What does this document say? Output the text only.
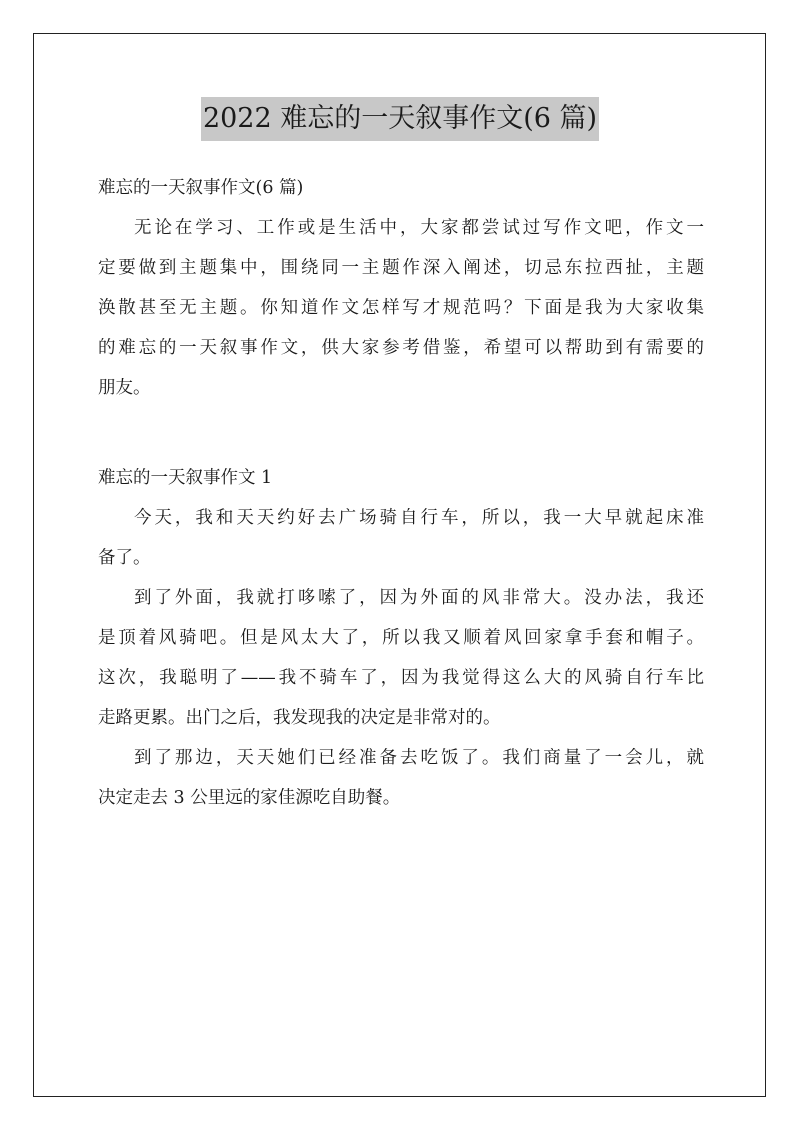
2022 难忘的一天叙事作文(6 篇)
难忘的一天叙事作文(6 篇)
无论在学习、工作或是生活中，大家都尝试过写作文吧，作文一
定要做到主题集中，围绕同一主题作深入阐述，切忌东拉西扯，主题
涣散甚至无主题。你知道作文怎样写才规范吗？下面是我为大家收集
的难忘的一天叙事作文，供大家参考借鉴，希望可以帮助到有需要的
朋友。
难忘的一天叙事作文 1
今天，我和天天约好去广场骑自行车，所以，我一大早就起床准
备了。
到了外面，我就打哆嗦了，因为外面的风非常大。没办法，我还
是顶着风骑吧。但是风太大了，所以我又顺着风回家拿手套和帽子。
这次，我聪明了——我不骑车了，因为我觉得这么大的风骑自行车比
走路更累。出门之后，我发现我的决定是非常对的。
到了那边，天天她们已经准备去吃饭了。我们商量了一会儿，就
决定走去 3 公里远的家佳源吃自助餐。
